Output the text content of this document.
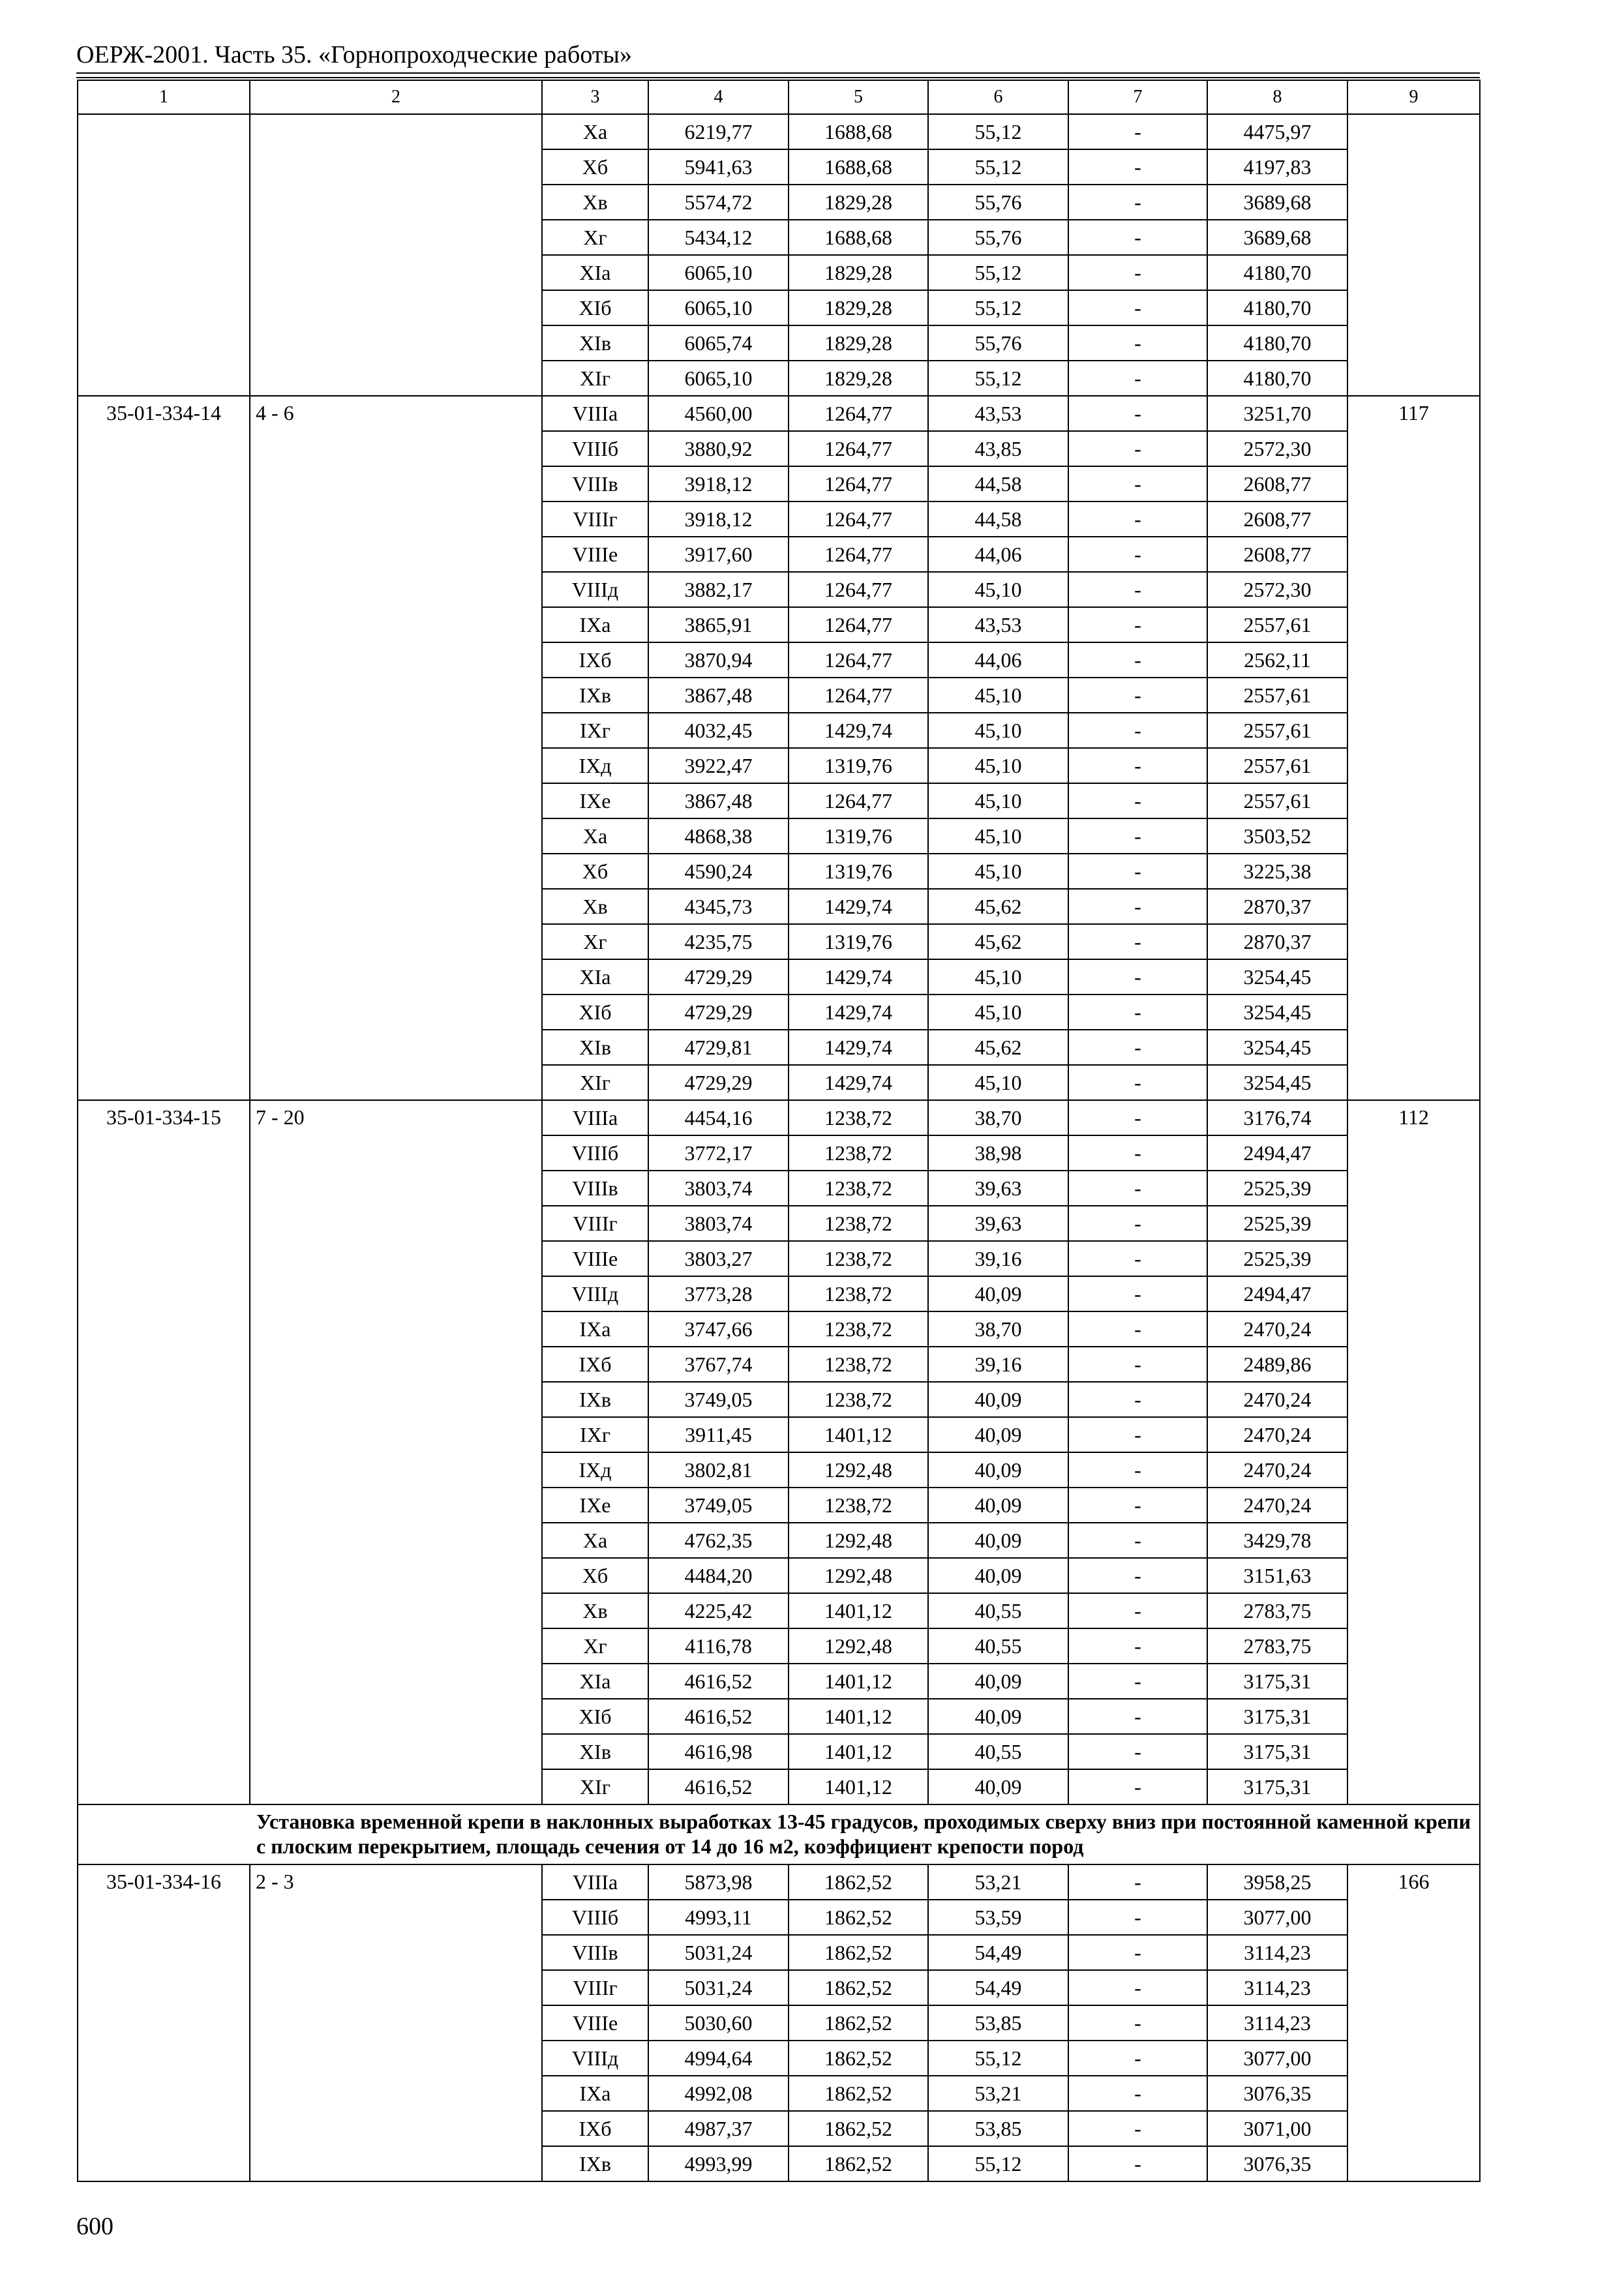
ОЕРЖ-2001. Часть 35. «Горнопроходческие работы»
1	2	3	4	5	6	7	8	9
		Xa	6219,77	1688,68	55,12	-	4475,97	
		Xб	5941,63	1688,68	55,12	-	4197,83	
		Xв	5574,72	1829,28	55,76	-	3689,68	
		Xг	5434,12	1688,68	55,76	-	3689,68	
		XIa	6065,10	1829,28	55,12	-	4180,70	
		XIб	6065,10	1829,28	55,12	-	4180,70	
		XIв	6065,74	1829,28	55,76	-	4180,70	
		XIг	6065,10	1829,28	55,12	-	4180,70	
35-01-334-14	4 - 6	VIIIa	4560,00	1264,77	43,53	-	3251,70	117
		VIIIб	3880,92	1264,77	43,85	-	2572,30	
		VIIIв	3918,12	1264,77	44,58	-	2608,77	
		VIIIг	3918,12	1264,77	44,58	-	2608,77	
		VIIIе	3917,60	1264,77	44,06	-	2608,77	
		VIIIд	3882,17	1264,77	45,10	-	2572,30	
		IXa	3865,91	1264,77	43,53	-	2557,61	
		IXб	3870,94	1264,77	44,06	-	2562,11	
		IXв	3867,48	1264,77	45,10	-	2557,61	
		IXг	4032,45	1429,74	45,10	-	2557,61	
		IXд	3922,47	1319,76	45,10	-	2557,61	
		IXе	3867,48	1264,77	45,10	-	2557,61	
		Xa	4868,38	1319,76	45,10	-	3503,52	
		Xб	4590,24	1319,76	45,10	-	3225,38	
		Xв	4345,73	1429,74	45,62	-	2870,37	
		Xг	4235,75	1319,76	45,62	-	2870,37	
		XIa	4729,29	1429,74	45,10	-	3254,45	
		XIб	4729,29	1429,74	45,10	-	3254,45	
		XIв	4729,81	1429,74	45,62	-	3254,45	
		XIг	4729,29	1429,74	45,10	-	3254,45	
35-01-334-15	7 - 20	VIIIa	4454,16	1238,72	38,70	-	3176,74	112
		VIIIб	3772,17	1238,72	38,98	-	2494,47	
		VIIIв	3803,74	1238,72	39,63	-	2525,39	
		VIIIг	3803,74	1238,72	39,63	-	2525,39	
		VIIIе	3803,27	1238,72	39,16	-	2525,39	
		VIIIд	3773,28	1238,72	40,09	-	2494,47	
		IXa	3747,66	1238,72	38,70	-	2470,24	
		IXб	3767,74	1238,72	39,16	-	2489,86	
		IXв	3749,05	1238,72	40,09	-	2470,24	
		IXг	3911,45	1401,12	40,09	-	2470,24	
		IXд	3802,81	1292,48	40,09	-	2470,24	
		IXе	3749,05	1238,72	40,09	-	2470,24	
		Xa	4762,35	1292,48	40,09	-	3429,78	
		Xб	4484,20	1292,48	40,09	-	3151,63	
		Xв	4225,42	1401,12	40,55	-	2783,75	
		Xг	4116,78	1292,48	40,55	-	2783,75	
		XIa	4616,52	1401,12	40,09	-	3175,31	
		XIб	4616,52	1401,12	40,09	-	3175,31	
		XIв	4616,98	1401,12	40,55	-	3175,31	
		XIг	4616,52	1401,12	40,09	-	3175,31	
	Установка временной крепи в наклонных выработках 13-45 градусов, проходимых сверху вниз при постоянной каменной крепи с плоским перекрытием, площадь сечения от 14 до 16 м2, коэффициент крепости пород							
35-01-334-16	2 - 3	VIIIa	5873,98	1862,52	53,21	-	3958,25	166
		VIIIб	4993,11	1862,52	53,59	-	3077,00	
		VIIIв	5031,24	1862,52	54,49	-	3114,23	
		VIIIг	5031,24	1862,52	54,49	-	3114,23	
		VIIIе	5030,60	1862,52	53,85	-	3114,23	
		VIIIд	4994,64	1862,52	55,12	-	3077,00	
		IXa	4992,08	1862,52	53,21	-	3076,35	
		IXб	4987,37	1862,52	53,85	-	3071,00	
		IXв	4993,99	1862,52	55,12	-	3076,35	
600
